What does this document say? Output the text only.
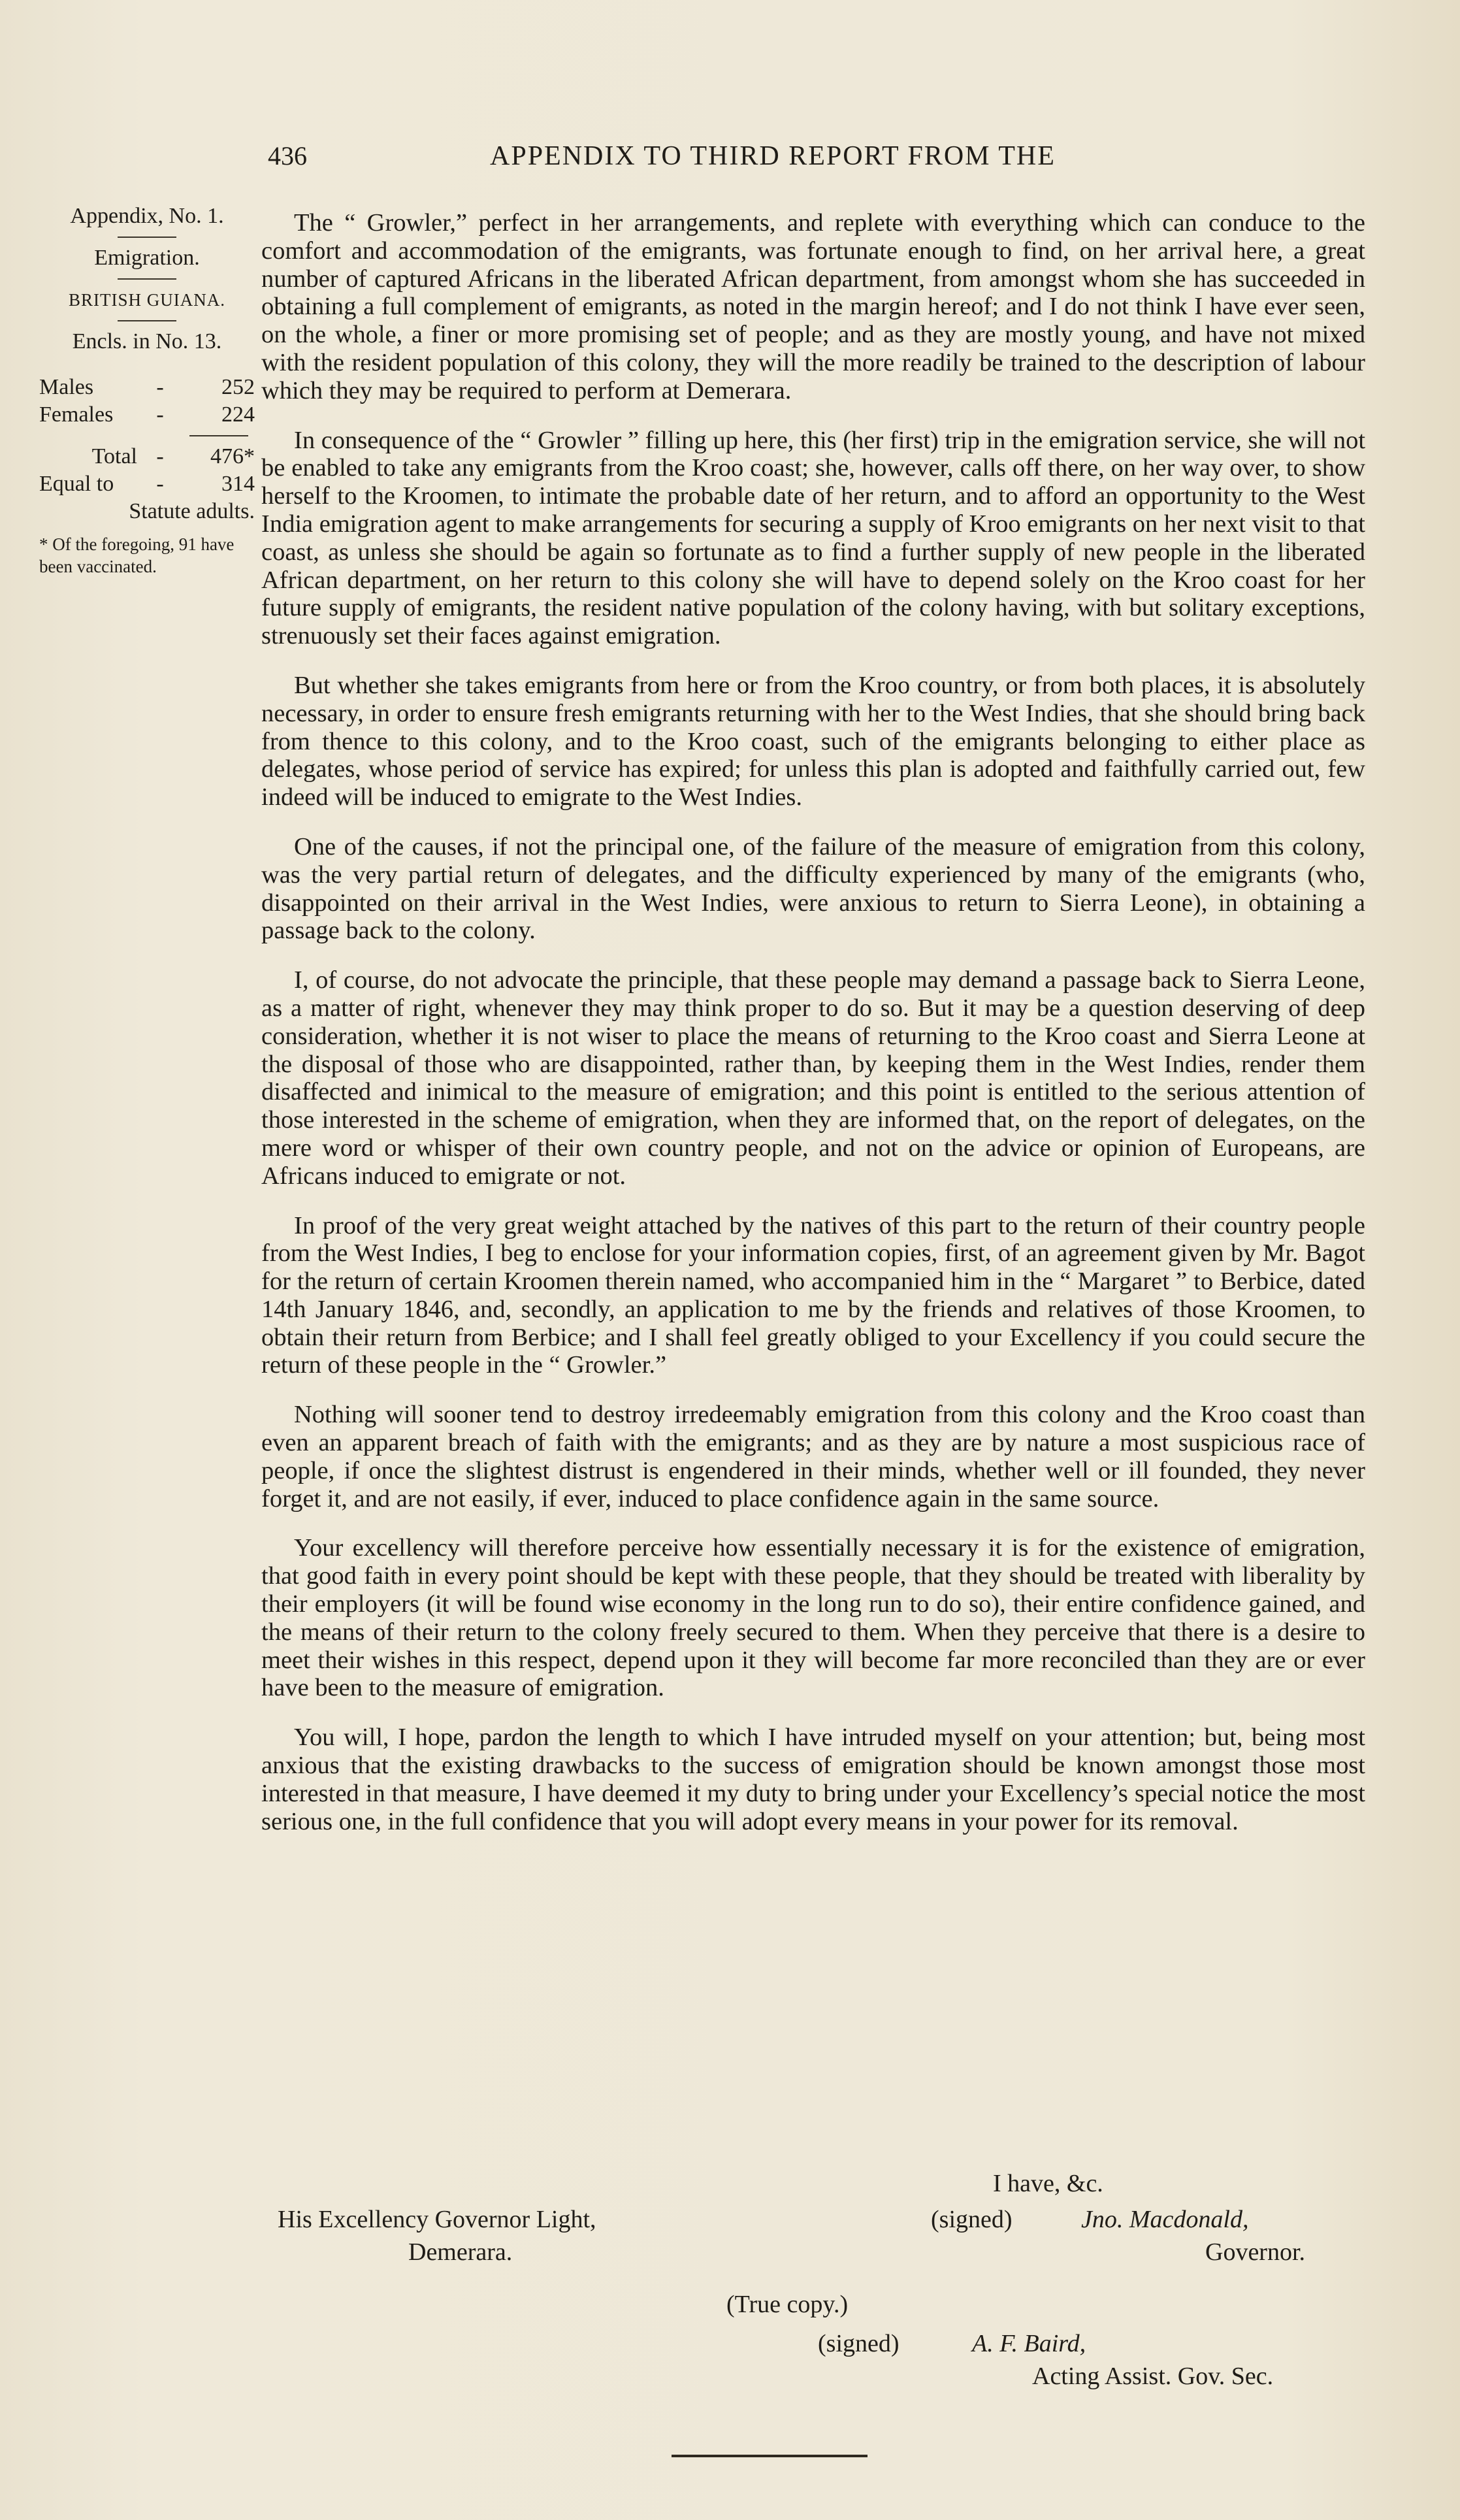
436	APPENDIX TO THIRD REPORT FROM THE
Appendix, No. 1.
Emigration.
BRITISH GUIANA.
Encls. in No. 13.
Males	-	252
Females	-	224
Total -	476*
Equal to	-	314
Statute adults.
* Of the foregoing, 91 have been vaccinated.

The “ Growler,” perfect in her arrangements, and replete with everything which can conduce to the comfort and accommodation of the emigrants, was fortunate enough to find, on her arrival here, a great number of captured Africans in the liberated African department, from amongst whom she has succeeded in obtaining a full complement of emigrants, as noted in the margin hereof; and I do not think I have ever seen, on the whole, a finer or more promising set of people; and as they are mostly young, and have not mixed with the resident population of this colony, they will the more readily be trained to the description of labour which they may be required to perform at Demerara.

In consequence of the “ Growler ” filling up here, this (her first) trip in the emigration service, she will not be enabled to take any emigrants from the Kroo coast; she, however, calls off there, on her way over, to show herself to the Kroomen, to intimate the probable date of her return, and to afford an opportunity to the West India emigration agent to make arrangements for securing a supply of Kroo emigrants on her next visit to that coast, as unless she should be again so fortunate as to find a further supply of new people in the liberated African department, on her return to this colony she will have to depend solely on the Kroo coast for her future supply of emigrants, the resident native population of the colony having, with but solitary exceptions, strenuously set their faces against emigration.

But whether she takes emigrants from here or from the Kroo country, or from both places, it is absolutely necessary, in order to ensure fresh emigrants returning with her to the West Indies, that she should bring back from thence to this colony, and to the Kroo coast, such of the emigrants belonging to either place as delegates, whose period of service has expired; for unless this plan is adopted and faithfully carried out, few indeed will be induced to emigrate to the West Indies.

One of the causes, if not the principal one, of the failure of the measure of emigration from this colony, was the very partial return of delegates, and the difficulty experienced by many of the emigrants (who, disappointed on their arrival in the West Indies, were anxious to return to Sierra Leone), in obtaining a passage back to the colony.

I, of course, do not advocate the principle, that these people may demand a passage back to Sierra Leone, as a matter of right, whenever they may think proper to do so. But it may be a question deserving of deep consideration, whether it is not wiser to place the means of returning to the Kroo coast and Sierra Leone at the disposal of those who are disappointed, rather than, by keeping them in the West Indies, render them disaffected and inimical to the measure of emigration; and this point is entitled to the serious attention of those interested in the scheme of emigration, when they are informed that, on the report of delegates, on the mere word or whisper of their own country people, and not on the advice or opinion of Europeans, are Africans induced to emigrate or not.

In proof of the very great weight attached by the natives of this part to the return of their country people from the West Indies, I beg to enclose for your information copies, first, of an agreement given by Mr. Bagot for the return of certain Kroomen therein named, who accompanied him in the “ Margaret ” to Berbice, dated 14th January 1846, and, secondly, an application to me by the friends and relatives of those Kroomen, to obtain their return from Berbice; and I shall feel greatly obliged to your Excellency if you could secure the return of these people in the “ Growler.”

Nothing will sooner tend to destroy irredeemably emigration from this colony and the Kroo coast than even an apparent breach of faith with the emigrants; and as they are by nature a most suspicious race of people, if once the slightest distrust is engendered in their minds, whether well or ill founded, they never forget it, and are not easily, if ever, induced to place confidence again in the same source.

Your excellency will therefore perceive how essentially necessary it is for the existence of emigration, that good faith in every point should be kept with these people, that they should be treated with liberality by their employers (it will be found wise economy in the long run to do so), their entire confidence gained, and the means of their return to the colony freely secured to them. When they perceive that there is a desire to meet their wishes in this respect, depend upon it they will become far more reconciled than they are or ever have been to the measure of emigration.

You will, I hope, pardon the length to which I have intruded myself on your attention; but, being most anxious that the existing drawbacks to the success of emigration should be known amongst those most interested in that measure, I have deemed it my duty to bring under your Excellency’s special notice the most serious one, in the full confidence that you will adopt every means in your power for its removal.

I have, &c.
His Excellency Governor Light,
Demerara.
(signed)	Jno. Macdonald,
Governor.
(True copy.)
(signed)	A. F. Baird,
Acting Assist. Gov. Sec.
